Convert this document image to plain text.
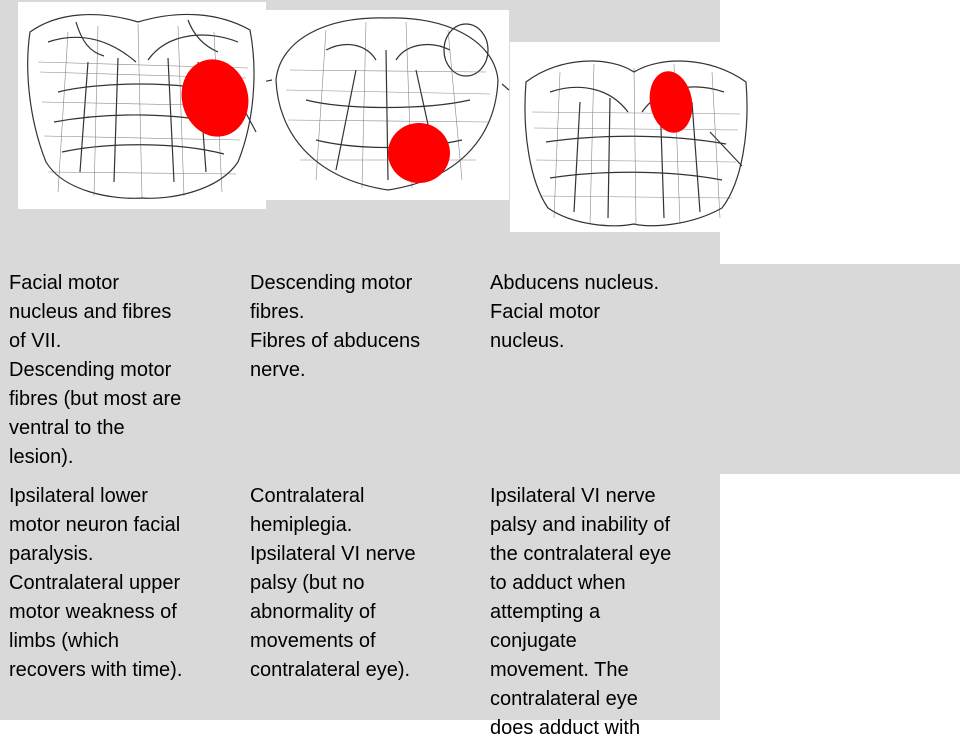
Facial motor
nucleus and fibres
of VII.
Descending motor
fibres (but most are
ventral to the
lesion).
Descending motor
fibres.
Fibres of abducens
nerve.
Abducens nucleus.
Facial motor
nucleus.
Ipsilateral lower
motor neuron facial
paralysis.
Contralateral upper
motor weakness of
limbs (which
recovers with time).
Contralateral
hemiplegia.
Ipsilateral VI nerve
palsy (but no
abnormality of
movements of
contralateral eye).
Ipsilateral VI nerve
palsy and inability of
the contralateral eye
to adduct when
attempting a
conjugate
movement. The
contralateral eye
does adduct with
